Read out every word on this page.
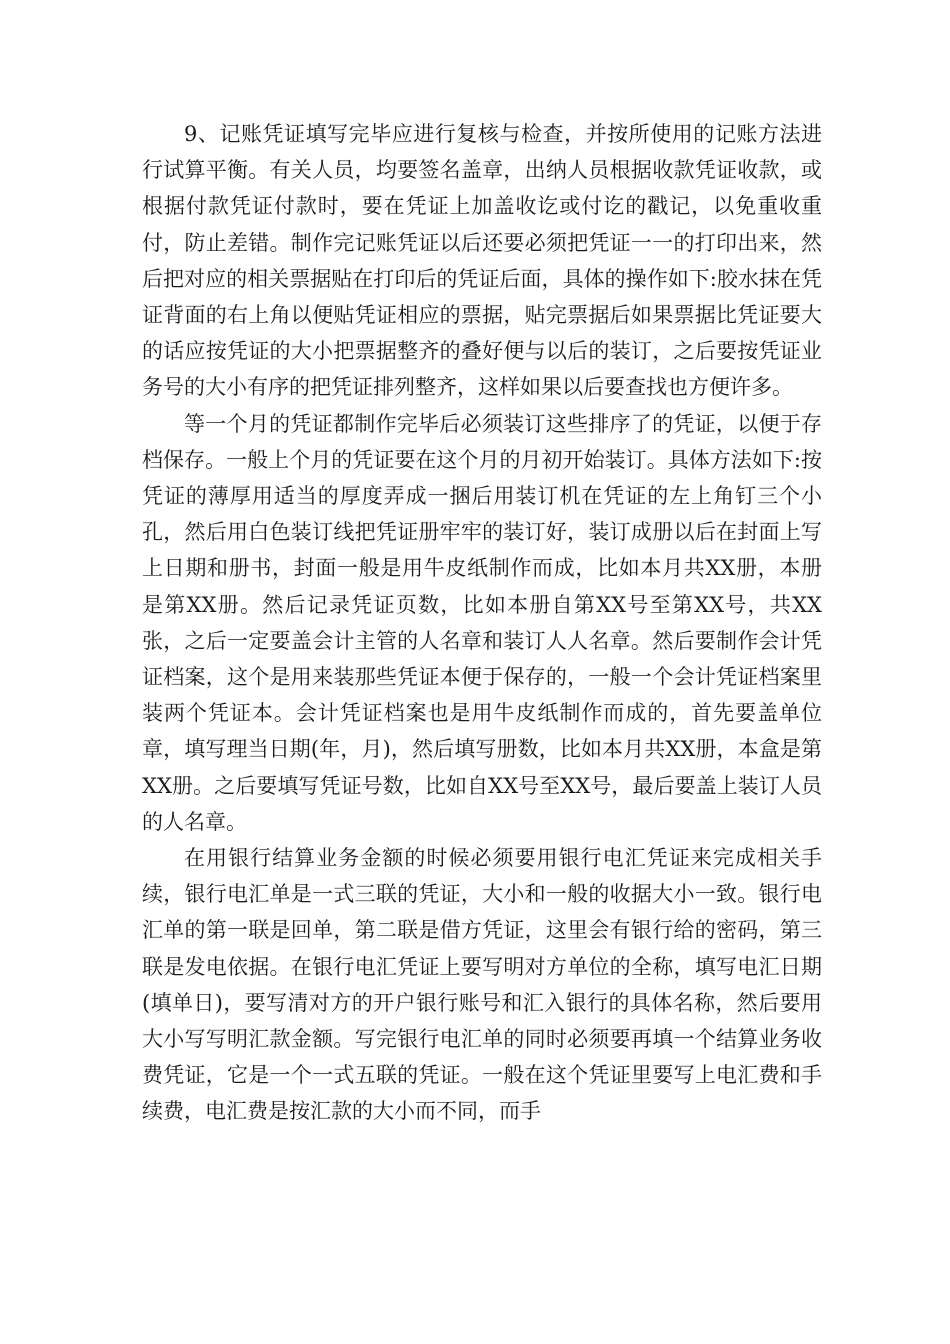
9、记账凭证填写完毕应进行复核与检查，并按所使用的记账方法进行试算平衡。有关人员，均要签名盖章，出纳人员根据收款凭证收款，或根据付款凭证付款时，要在凭证上加盖收讫或付讫的戳记，以免重收重付，防止差错。制作完记账凭证以后还要必须把凭证一一的打印出来，然后把对应的相关票据贴在打印后的凭证后面，具体的操作如下:胶水抹在凭证背面的右上角以便贴凭证相应的票据，贴完票据后如果票据比凭证要大的话应按凭证的大小把票据整齐的叠好便与以后的装订，之后要按凭证业务号的大小有序的把凭证排列整齐，这样如果以后要查找也方便许多。

等一个月的凭证都制作完毕后必须装订这些排序了的凭证，以便于存档保存。一般上个月的凭证要在这个月的月初开始装订。具体方法如下:按凭证的薄厚用适当的厚度弄成一捆后用装订机在凭证的左上角钉三个小孔，然后用白色装订线把凭证册牢牢的装订好，装订成册以后在封面上写上日期和册书，封面一般是用牛皮纸制作而成，比如本月共XX册，本册是第XX册。然后记录凭证页数，比如本册自第XX号至第XX号，共XX张，之后一定要盖会计主管的人名章和装订人人名章。然后要制作会计凭证档案，这个是用来装那些凭证本便于保存的，一般一个会计凭证档案里装两个凭证本。会计凭证档案也是用牛皮纸制作而成的，首先要盖单位章，填写理当日期(年，月)，然后填写册数，比如本月共XX册，本盒是第XX册。之后要填写凭证号数，比如自XX号至XX号，最后要盖上装订人员的人名章。

在用银行结算业务金额的时候必须要用银行电汇凭证来完成相关手续，银行电汇单是一式三联的凭证，大小和一般的收据大小一致。银行电汇单的第一联是回单，第二联是借方凭证，这里会有银行给的密码，第三联是发电依据。在银行电汇凭证上要写明对方单位的全称，填写电汇日期(填单日)，要写清对方的开户银行账号和汇入银行的具体名称，然后要用大小写写明汇款金额。写完银行电汇单的同时必须要再填一个结算业务收费凭证，它是一个一式五联的凭证。一般在这个凭证里要写上电汇费和手续费，电汇费是按汇款的大小而不同，而手
